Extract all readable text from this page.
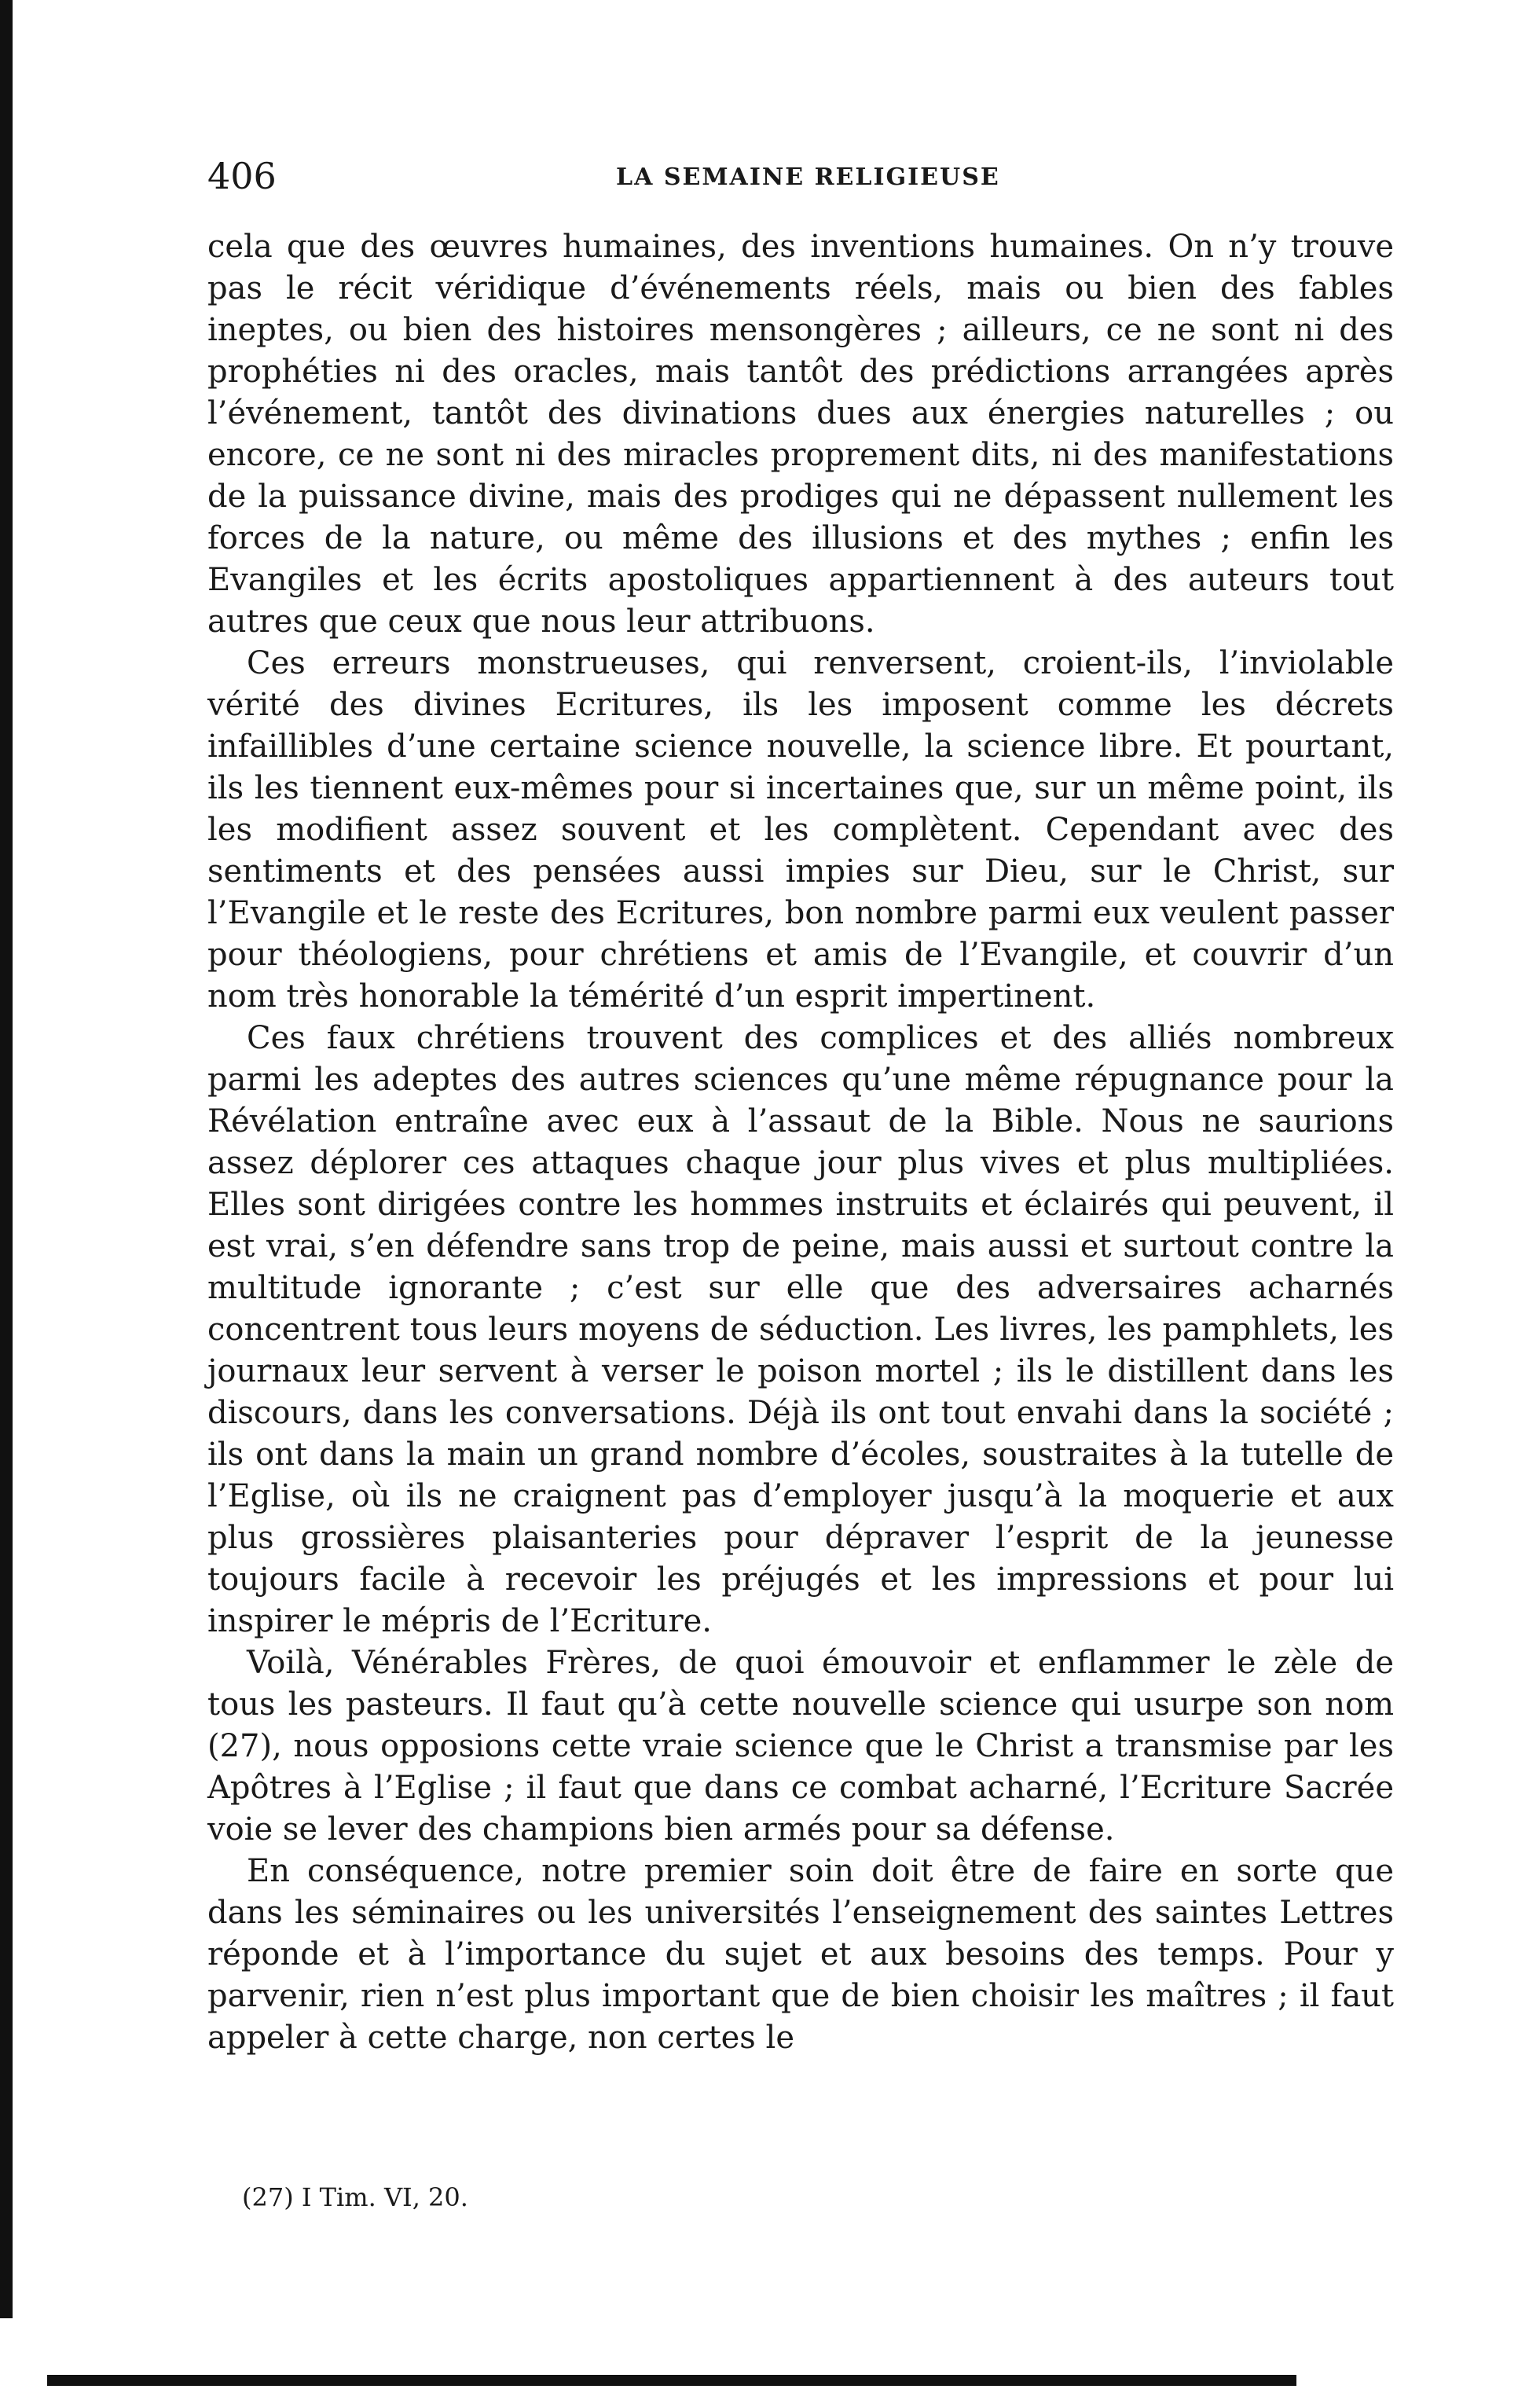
406	LA SEMAINE RELIGIEUSE

cela que des œuvres humaines, des inventions humaines. On n’y trouve pas le récit véridique d’événements réels, mais ou bien des fables ineptes, ou bien des histoires mensongères ; ailleurs, ce ne sont ni des prophéties ni des oracles, mais tantôt des prédictions arrangées après l’événement, tantôt des divinations dues aux énergies naturelles ; ou encore, ce ne sont ni des miracles proprement dits, ni des manifestations de la puissance divine, mais des prodiges qui ne dépassent nullement les forces de la nature, ou même des illusions et des mythes ; enfin les Evangiles et les écrits apostoliques appartiennent à des auteurs tout autres que ceux que nous leur attribuons.

Ces erreurs monstrueuses, qui renversent, croient-ils, l’inviolable vérité des divines Ecritures, ils les imposent comme les décrets infaillibles d’une certaine science nouvelle, la science libre. Et pourtant, ils les tiennent eux-mêmes pour si incertaines que, sur un même point, ils les modifient assez souvent et les complètent. Cependant avec des sentiments et des pensées aussi impies sur Dieu, sur le Christ, sur l’Evangile et le reste des Ecritures, bon nombre parmi eux veulent passer pour théologiens, pour chrétiens et amis de l’Evangile, et couvrir d’un nom très honorable la témérité d’un esprit impertinent.

Ces faux chrétiens trouvent des complices et des alliés nombreux parmi les adeptes des autres sciences qu’une même répugnance pour la Révélation entraîne avec eux à l’assaut de la Bible. Nous ne saurions assez déplorer ces attaques chaque jour plus vives et plus multipliées. Elles sont dirigées contre les hommes instruits et éclairés qui peuvent, il est vrai, s’en défendre sans trop de peine, mais aussi et surtout contre la multitude ignorante ; c’est sur elle que des adversaires acharnés concentrent tous leurs moyens de séduction. Les livres, les pamphlets, les journaux leur servent à verser le poison mortel ; ils le distillent dans les discours, dans les conversations. Déjà ils ont tout envahi dans la société ; ils ont dans la main un grand nombre d’écoles, soustraites à la tutelle de l’Eglise, où ils ne craignent pas d’employer jusqu’à la moquerie et aux plus grossières plaisanteries pour dépraver l’esprit de la jeunesse toujours facile à recevoir les préjugés et les impressions et pour lui inspirer le mépris de l’Ecriture.

Voilà, Vénérables Frères, de quoi émouvoir et enflammer le zèle de tous les pasteurs. Il faut qu’à cette nouvelle science qui usurpe son nom (27), nous opposions cette vraie science que le Christ a transmise par les Apôtres à l’Eglise ; il faut que dans ce combat acharné, l’Ecriture Sacrée voie se lever des champions bien armés pour sa défense.

En conséquence, notre premier soin doit être de faire en sorte que dans les séminaires ou les universités l’enseignement des saintes Lettres réponde et à l’importance du sujet et aux besoins des temps. Pour y parvenir, rien n’est plus important que de bien choisir les maîtres ; il faut appeler à cette charge, non certes le

(27) I Tim. VI, 20.
